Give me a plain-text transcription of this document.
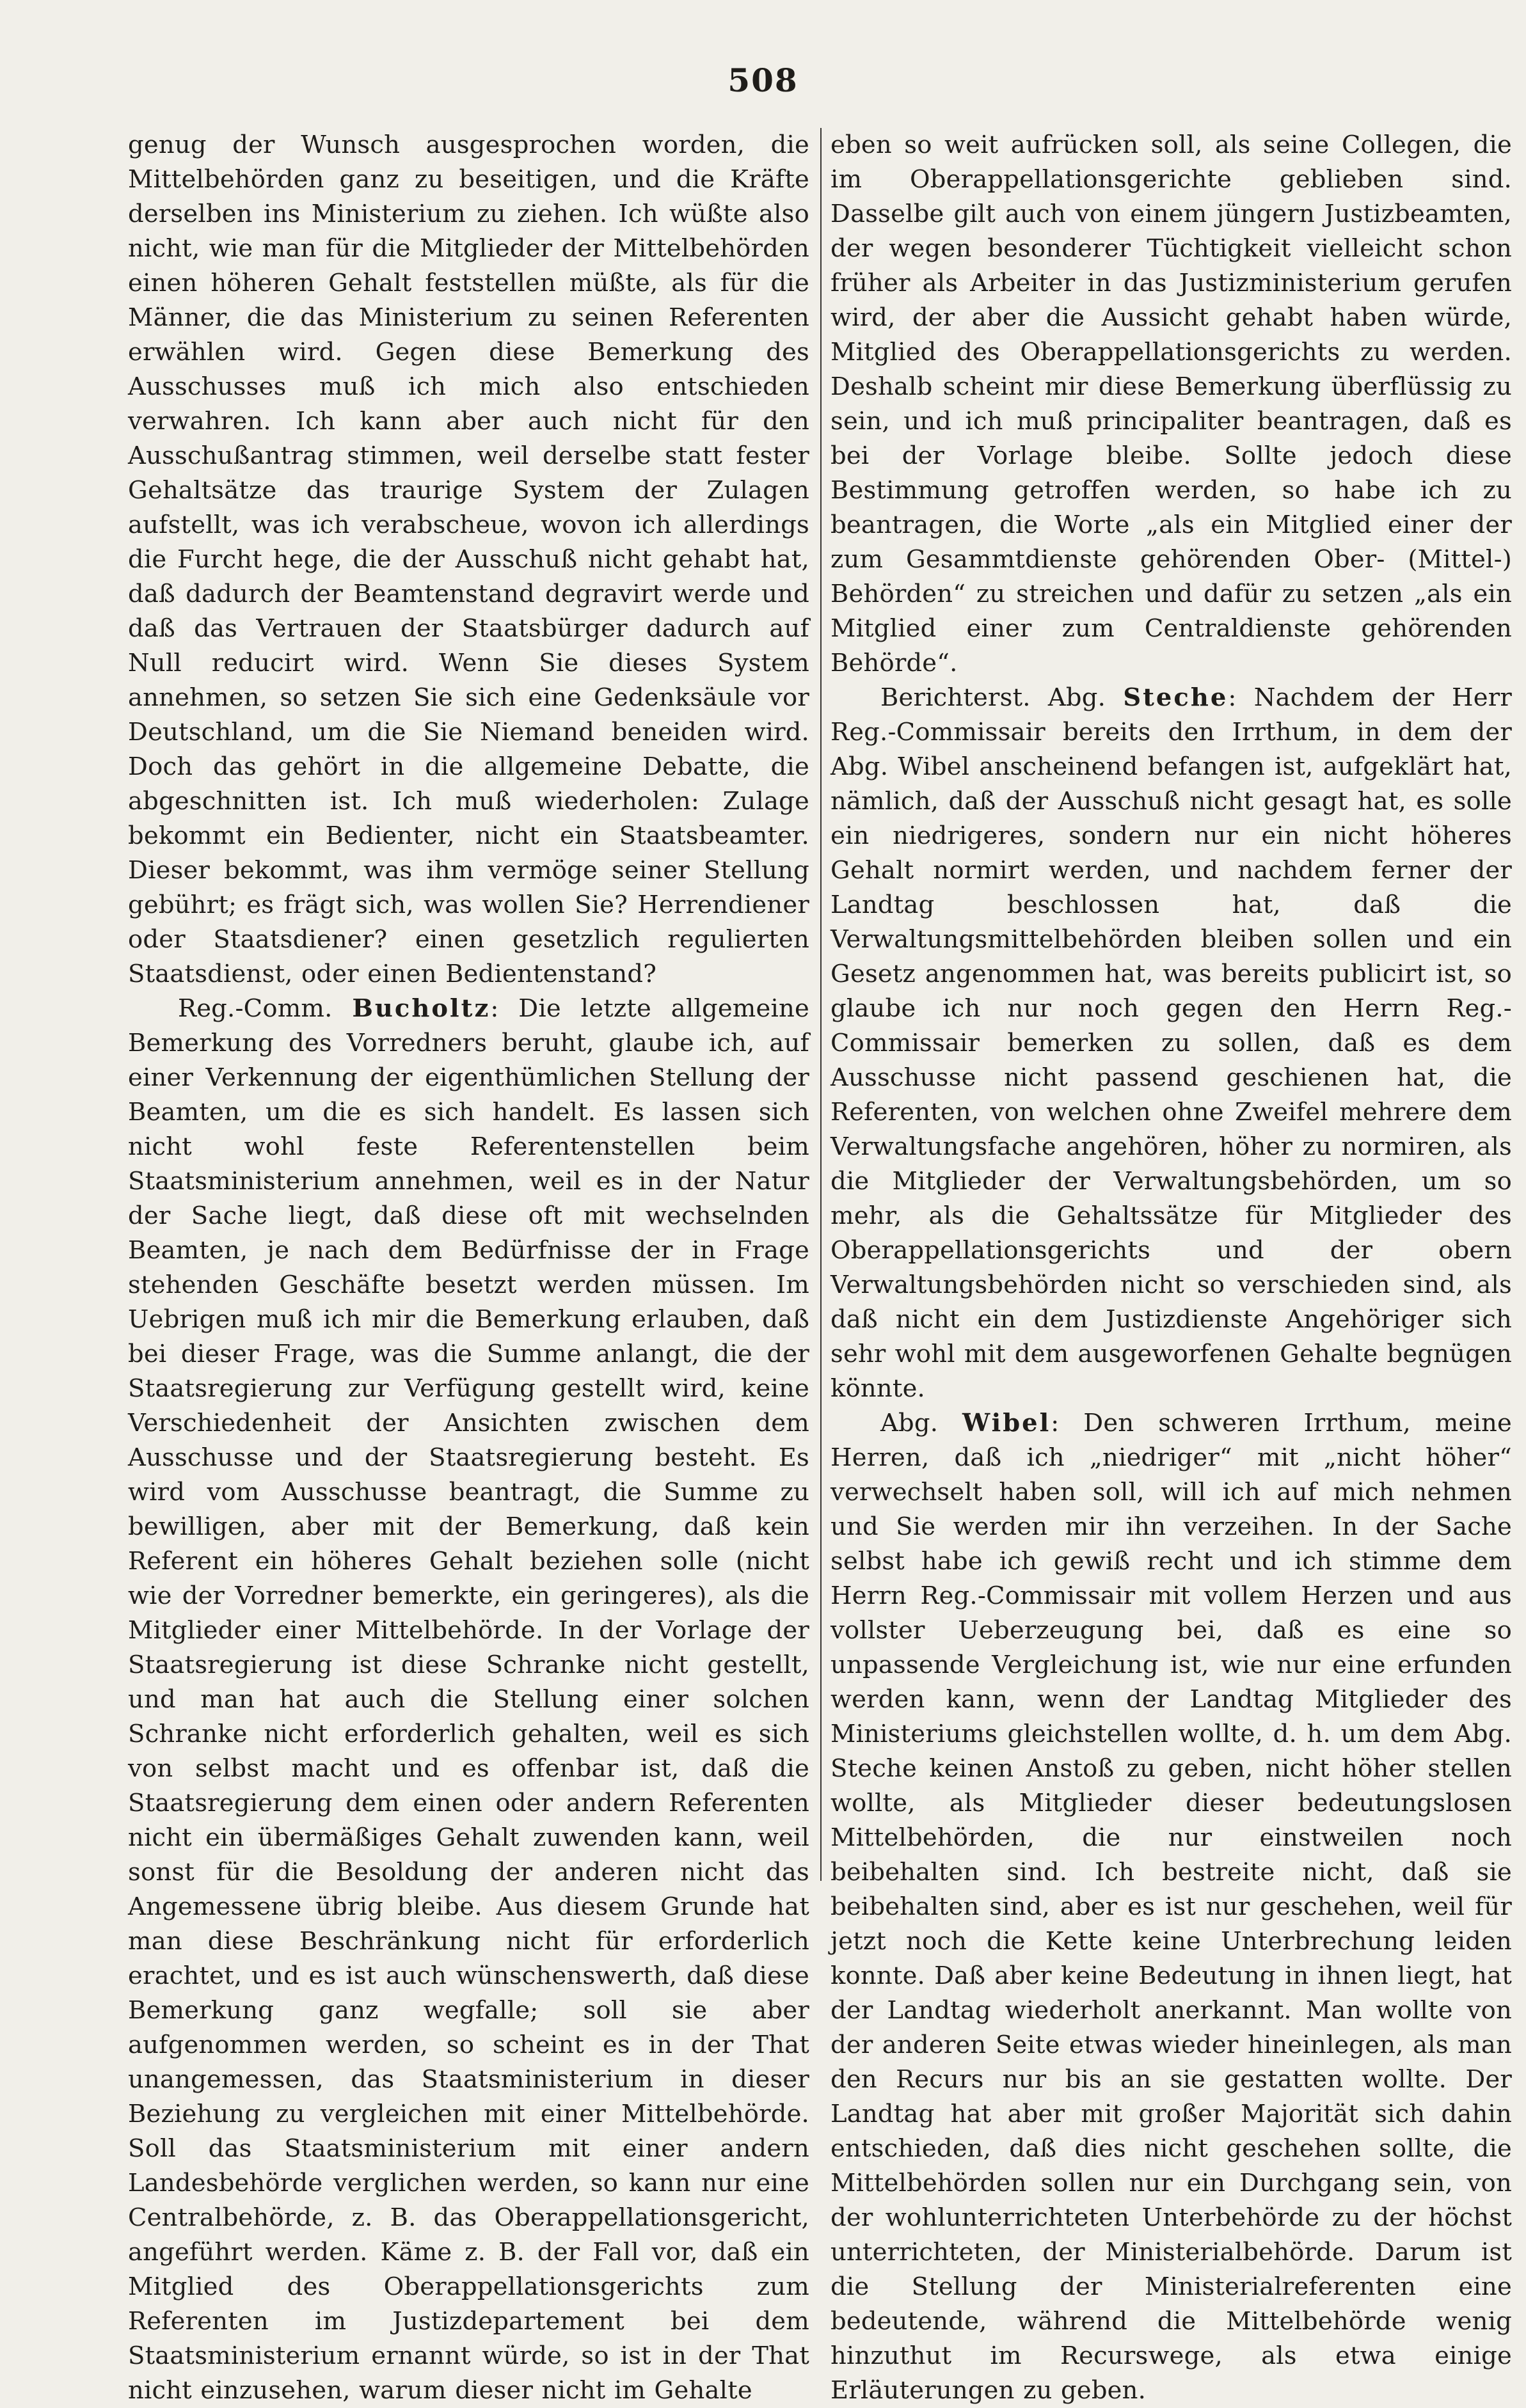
508

genug der Wunsch ausgesprochen worden, die Mittelbehörden ganz zu beseitigen, und die Kräfte derselben ins Ministerium zu ziehen. Ich wüßte also nicht, wie man für die Mitglieder der Mittelbehörden einen höheren Gehalt feststellen müßte, als für die Männer, die das Ministerium zu seinen Referenten erwählen wird. Gegen diese Bemerkung des Ausschusses muß ich mich also entschieden verwahren. Ich kann aber auch nicht für den Ausschußantrag stimmen, weil derselbe statt fester Gehaltsätze das traurige System der Zulagen aufstellt, was ich verabscheue, wovon ich allerdings die Furcht hege, die der Ausschuß nicht gehabt hat, daß dadurch der Beamtenstand degravirt werde und daß das Vertrauen der Staatsbürger dadurch auf Null reducirt wird. Wenn Sie dieses System annehmen, so setzen Sie sich eine Gedenksäule vor Deutschland, um die Sie Niemand beneiden wird. Doch das gehört in die allgemeine Debatte, die abgeschnitten ist. Ich muß wiederholen: Zulage bekommt ein Bedienter, nicht ein Staatsbeamter. Dieser bekommt, was ihm vermöge seiner Stellung gebührt; es frägt sich, was wollen Sie? Herrendiener oder Staatsdiener? einen gesetzlich regulierten Staatsdienst, oder einen Bedientenstand?

Reg.-Comm. Bucholtz: Die letzte allgemeine Bemerkung des Vorredners beruht, glaube ich, auf einer Verkennung der eigenthümlichen Stellung der Beamten, um die es sich handelt. Es lassen sich nicht wohl feste Referentenstellen beim Staatsministerium annehmen, weil es in der Natur der Sache liegt, daß diese oft mit wechselnden Beamten, je nach dem Bedürfnisse der in Frage stehenden Geschäfte besetzt werden müssen. Im Uebrigen muß ich mir die Bemerkung erlauben, daß bei dieser Frage, was die Summe anlangt, die der Staatsregierung zur Verfügung gestellt wird, keine Verschiedenheit der Ansichten zwischen dem Ausschusse und der Staatsregierung besteht. Es wird vom Ausschusse beantragt, die Summe zu bewilligen, aber mit der Bemerkung, daß kein Referent ein höheres Gehalt beziehen solle (nicht wie der Vorredner bemerkte, ein geringeres), als die Mitglieder einer Mittelbehörde. In der Vorlage der Staatsregierung ist diese Schranke nicht gestellt, und man hat auch die Stellung einer solchen Schranke nicht erforderlich gehalten, weil es sich von selbst macht und es offenbar ist, daß die Staatsregierung dem einen oder andern Referenten nicht ein übermäßiges Gehalt zuwenden kann, weil sonst für die Besoldung der anderen nicht das Angemessene übrig bleibe. Aus diesem Grunde hat man diese Beschränkung nicht für erforderlich erachtet, und es ist auch wünschenswerth, daß diese Bemerkung ganz wegfalle; soll sie aber aufgenommen werden, so scheint es in der That unangemessen, das Staatsministerium in dieser Beziehung zu vergleichen mit einer Mittelbehörde. Soll das Staatsministerium mit einer andern Landesbehörde verglichen werden, so kann nur eine Centralbehörde, z. B. das Oberappellationsgericht, angeführt werden. Käme z. B. der Fall vor, daß ein Mitglied des Oberappellationsgerichts zum Referenten im Justizdepartement bei dem Staatsministerium ernannt würde, so ist in der That nicht einzusehen, warum dieser nicht im Gehalte

eben so weit aufrücken soll, als seine Collegen, die im Oberappellationsgerichte geblieben sind. Dasselbe gilt auch von einem jüngern Justizbeamten, der wegen besonderer Tüchtigkeit vielleicht schon früher als Arbeiter in das Justizministerium gerufen wird, der aber die Aussicht gehabt haben würde, Mitglied des Oberappellationsgerichts zu werden. Deshalb scheint mir diese Bemerkung überflüssig zu sein, und ich muß principaliter beantragen, daß es bei der Vorlage bleibe. Sollte jedoch diese Bestimmung getroffen werden, so habe ich zu beantragen, die Worte „als ein Mitglied einer der zum Gesammtdienste gehörenden Ober- (Mittel-) Behörden“ zu streichen und dafür zu setzen „als ein Mitglied einer zum Centraldienste gehörenden Behörde“.

Berichterst. Abg. Steche: Nachdem der Herr Reg.-Commissair bereits den Irrthum, in dem der Abg. Wibel anscheinend befangen ist, aufgeklärt hat, nämlich, daß der Ausschuß nicht gesagt hat, es solle ein niedrigeres, sondern nur ein nicht höheres Gehalt normirt werden, und nachdem ferner der Landtag beschlossen hat, daß die Verwaltungsmittelbehörden bleiben sollen und ein Gesetz angenommen hat, was bereits publicirt ist, so glaube ich nur noch gegen den Herrn Reg.-Commissair bemerken zu sollen, daß es dem Ausschusse nicht passend geschienen hat, die Referenten, von welchen ohne Zweifel mehrere dem Verwaltungsfache angehören, höher zu normiren, als die Mitglieder der Verwaltungsbehörden, um so mehr, als die Gehaltssätze für Mitglieder des Oberappellationsgerichts und der obern Verwaltungsbehörden nicht so verschieden sind, als daß nicht ein dem Justizdienste Angehöriger sich sehr wohl mit dem ausgeworfenen Gehalte begnügen könnte.

Abg. Wibel: Den schweren Irrthum, meine Herren, daß ich „niedriger“ mit „nicht höher“ verwechselt haben soll, will ich auf mich nehmen und Sie werden mir ihn verzeihen. In der Sache selbst habe ich gewiß recht und ich stimme dem Herrn Reg.-Commissair mit vollem Herzen und aus vollster Ueberzeugung bei, daß es eine so unpassende Vergleichung ist, wie nur eine erfunden werden kann, wenn der Landtag Mitglieder des Ministeriums gleichstellen wollte, d. h. um dem Abg. Steche keinen Anstoß zu geben, nicht höher stellen wollte, als Mitglieder dieser bedeutungslosen Mittelbehörden, die nur einstweilen noch beibehalten sind. Ich bestreite nicht, daß sie beibehalten sind, aber es ist nur geschehen, weil für jetzt noch die Kette keine Unterbrechung leiden konnte. Daß aber keine Bedeutung in ihnen liegt, hat der Landtag wiederholt anerkannt. Man wollte von der anderen Seite etwas wieder hineinlegen, als man den Recurs nur bis an sie gestatten wollte. Der Landtag hat aber mit großer Majorität sich dahin entschieden, daß dies nicht geschehen sollte, die Mittelbehörden sollen nur ein Durchgang sein, von der wohlunterrichteten Unterbehörde zu der höchst unterrichteten, der Ministerialbehörde. Darum ist die Stellung der Ministerialreferenten eine bedeutende, während die Mittelbehörde wenig hinzuthut im Recurswege, als etwa einige Erläuterungen zu geben.
